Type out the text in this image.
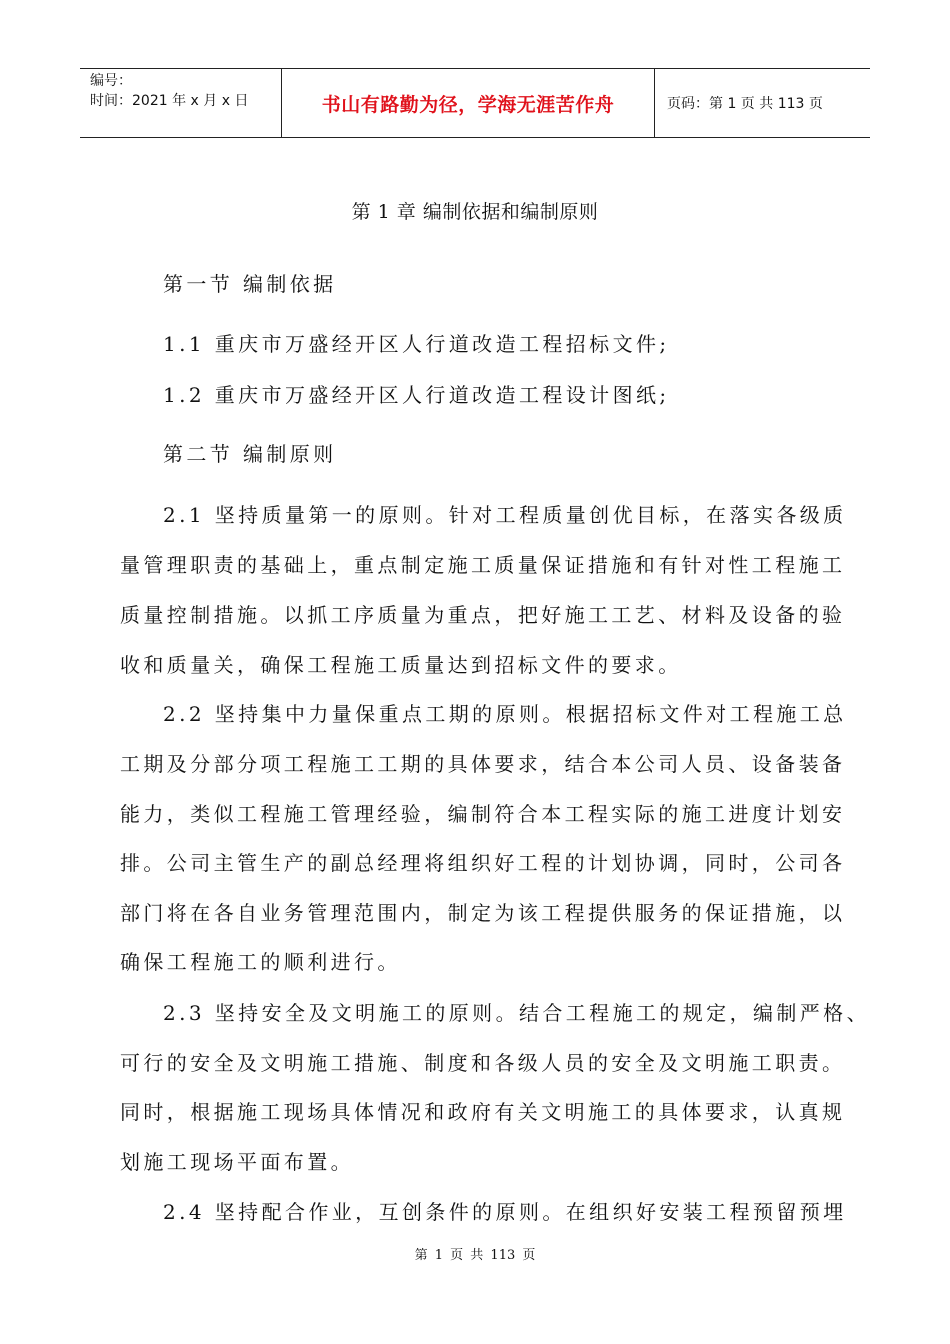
编号：
时间：2021 年 x 月 x 日	书山有路勤为径，学海无涯苦作舟	页码：第 1 页 共 113 页
第 1 章 编制依据和编制原则
第一节 编制依据
1.1 重庆市万盛经开区人行道改造工程招标文件;
1.2 重庆市万盛经开区人行道改造工程设计图纸;
第二节 编制原则
2.1 坚持质量第一的原则。针对工程质量创优目标，在落实各级质
量管理职责的基础上，重点制定施工质量保证措施和有针对性工程施工
质量控制措施。以抓工序质量为重点，把好施工工艺、材料及设备的验
收和质量关，确保工程施工质量达到招标文件的要求。
2.2 坚持集中力量保重点工期的原则。根据招标文件对工程施工总
工期及分部分项工程施工工期的具体要求，结合本公司人员、设备装备
能力，类似工程施工管理经验，编制符合本工程实际的施工进度计划安
排。公司主管生产的副总经理将组织好工程的计划协调，同时，公司各
部门将在各自业务管理范围内，制定为该工程提供服务的保证措施，以
确保工程施工的顺利进行。
2.3 坚持安全及文明施工的原则。结合工程施工的规定，编制严格、
可行的安全及文明施工措施、制度和各级人员的安全及文明施工职责。
同时，根据施工现场具体情况和政府有关文明施工的具体要求，认真规
划施工现场平面布置。
2.4 坚持配合作业，互创条件的原则。在组织好安装工程预留预埋
第 1 页 共 113 页
